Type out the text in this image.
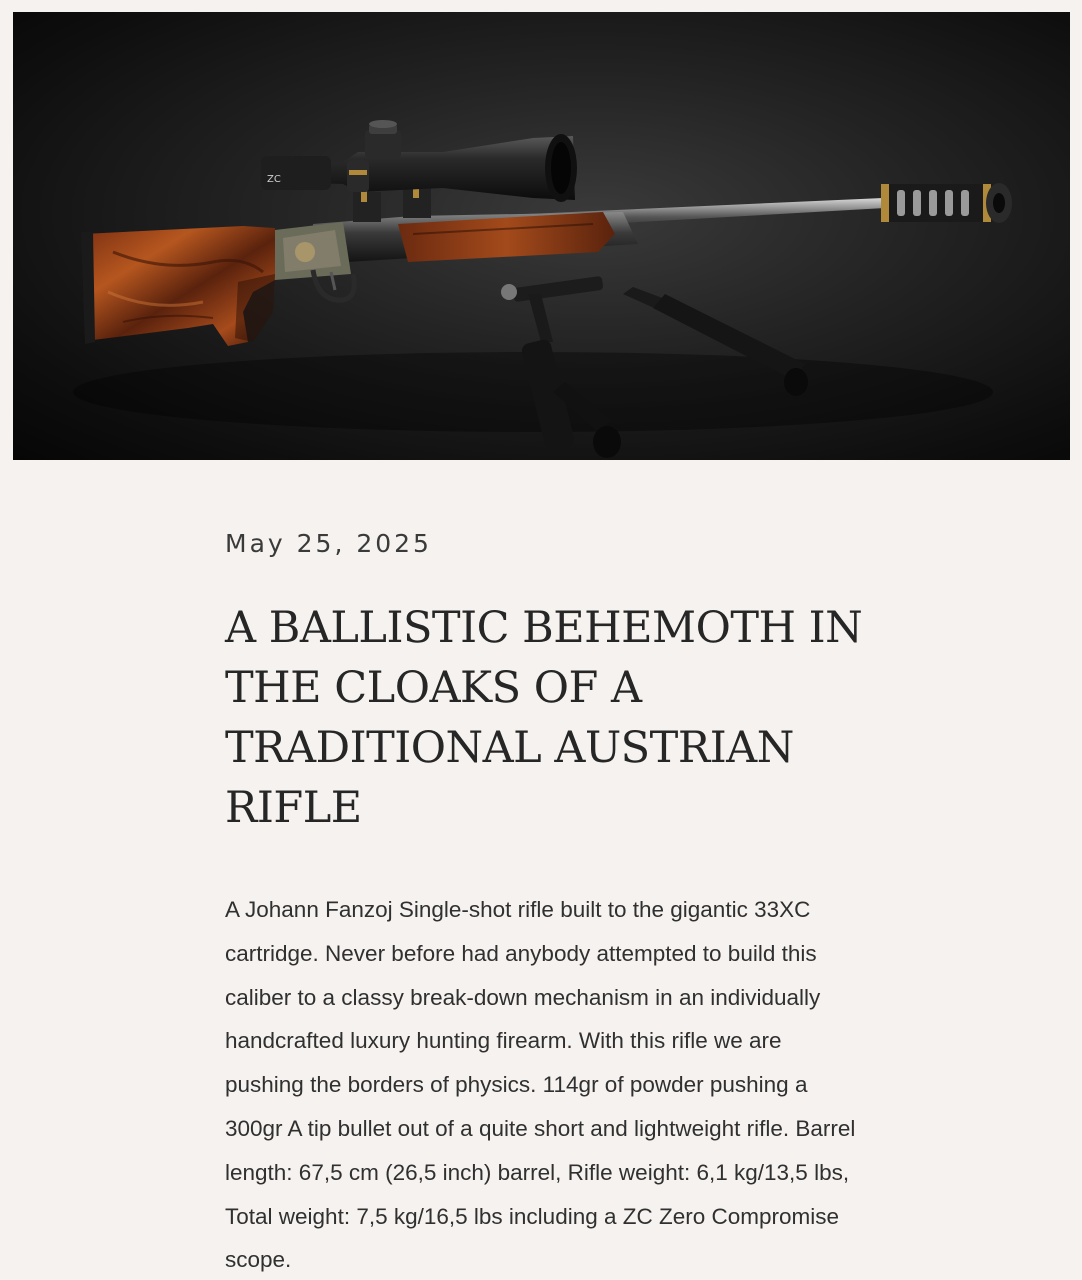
ZC

May 25, 2025

A BALLISTIC BEHEMOTH IN THE CLOAKS OF A TRADITIONAL AUSTRIAN RIFLE

A Johann Fanzoj Single-shot rifle built to the gigantic 33XC cartridge. Never before had anybody attempted to build this caliber to a classy break-down mechanism in an individually handcrafted luxury hunting firearm. With this rifle we are pushing the borders of physics. 114gr of powder pushing a 300gr A tip bullet out of a quite short and lightweight rifle. Barrel length: 67,5 cm (26,5 inch) barrel, Rifle weight: 6,1 kg/13,5 lbs, Total weight: 7,5 kg/16,5 lbs including a ZC Zero Compromise scope.
